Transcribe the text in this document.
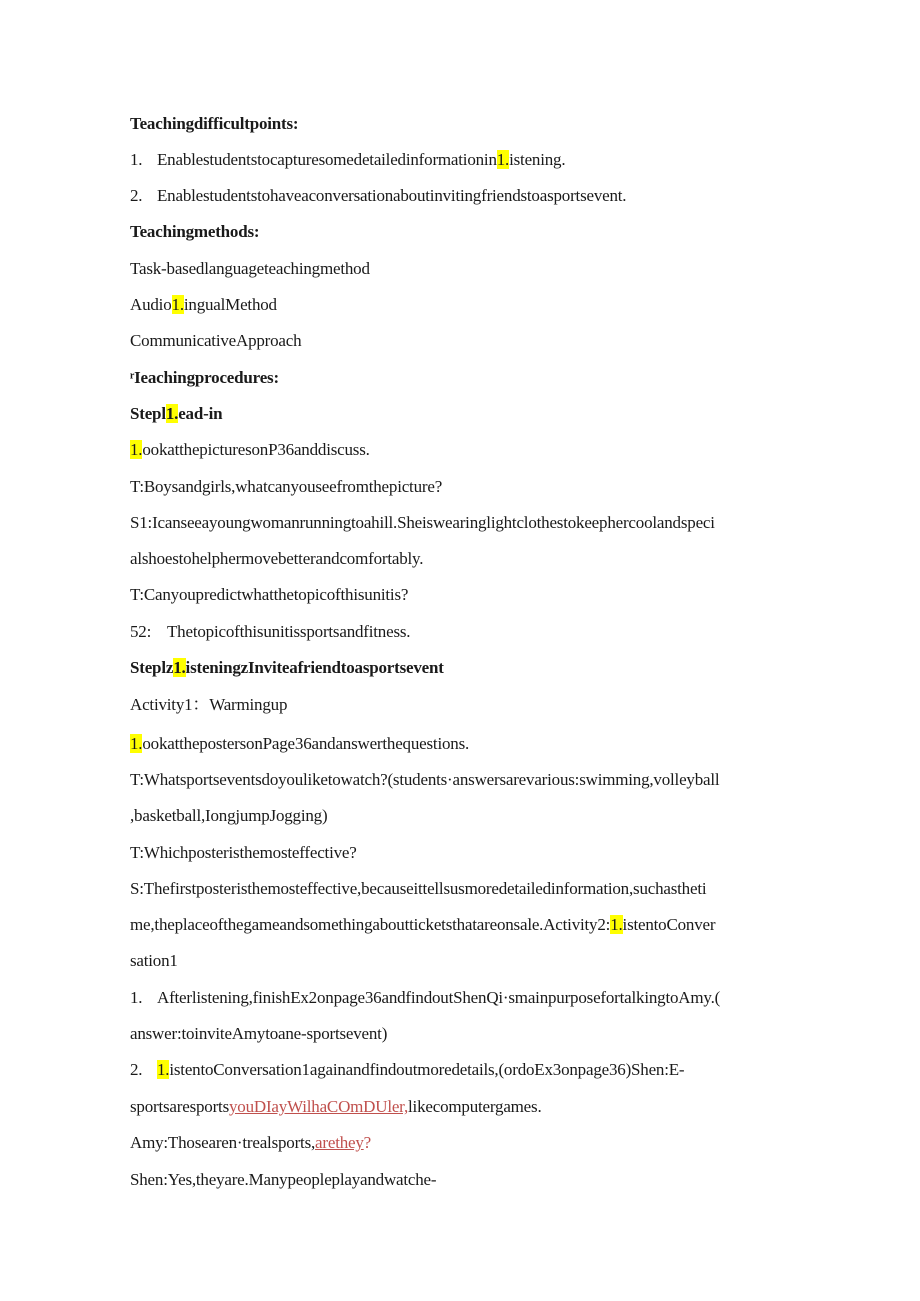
Teachingdifficultpoints:
1. Enablestudentstocapturesomedetailedinformationin1.istening.
2. Enablestudentstohaveaconversationaboutinvitingfriendstoasportsevent.
Teachingmethods:
Task-basedlanguageteachingmethod
Audio1.ingualMethod
CommunicativeApproach
ʳIeachingprocedures:
Stepl1.ead-in
1.ookatthepicturesonP36anddiscuss.
T:Boysandgirls,whatcanyouseefromthepicture?
S1:Icanseeayoungwomanrunningtoahill.Sheiswearinglightclothestokeephercoolandspeci
alshoestohelphermovebetterandcomfortably.
T:Canyoupredictwhatthetopicofthisunitis?
52: Thetopicofthisunitissportsandfitness.
Steplz1.isteningzInviteafriendtoasportsevent
Activity1：Warmingup
1.ookatthepostersonPage36andanswerthequestions.
T:Whatsportseventsdoyouliketowatch?(students·answersarevarious:swimming,volleyball
,basketball,IongjumpJogging)
T:Whichposteristhemosteffective?
S:Thefirstposteristhemosteffective,becauseittellsusmoredetailedinformation,suchastheti
me,theplaceofthegameandsomethingaboutticketsthatareonsale.Activity2:1.istentoConver
sation1
1. Afterlistening,finishEx2onpage36andfindoutShenQi·smainpurposefortalkingtoAmy.(
answer:toinviteAmytoane-sportsevent)
2. 1.istentoConversation1againandfindoutmoredetails,(ordoEx3onpage36)Shen:E-
sportsaresportsyouDIayWilhaCOmDUler,likecomputergames.
Amy:Thosearen·trealsports,arethey?
Shen:Yes,theyare.Manypeopleplayandwatche-
